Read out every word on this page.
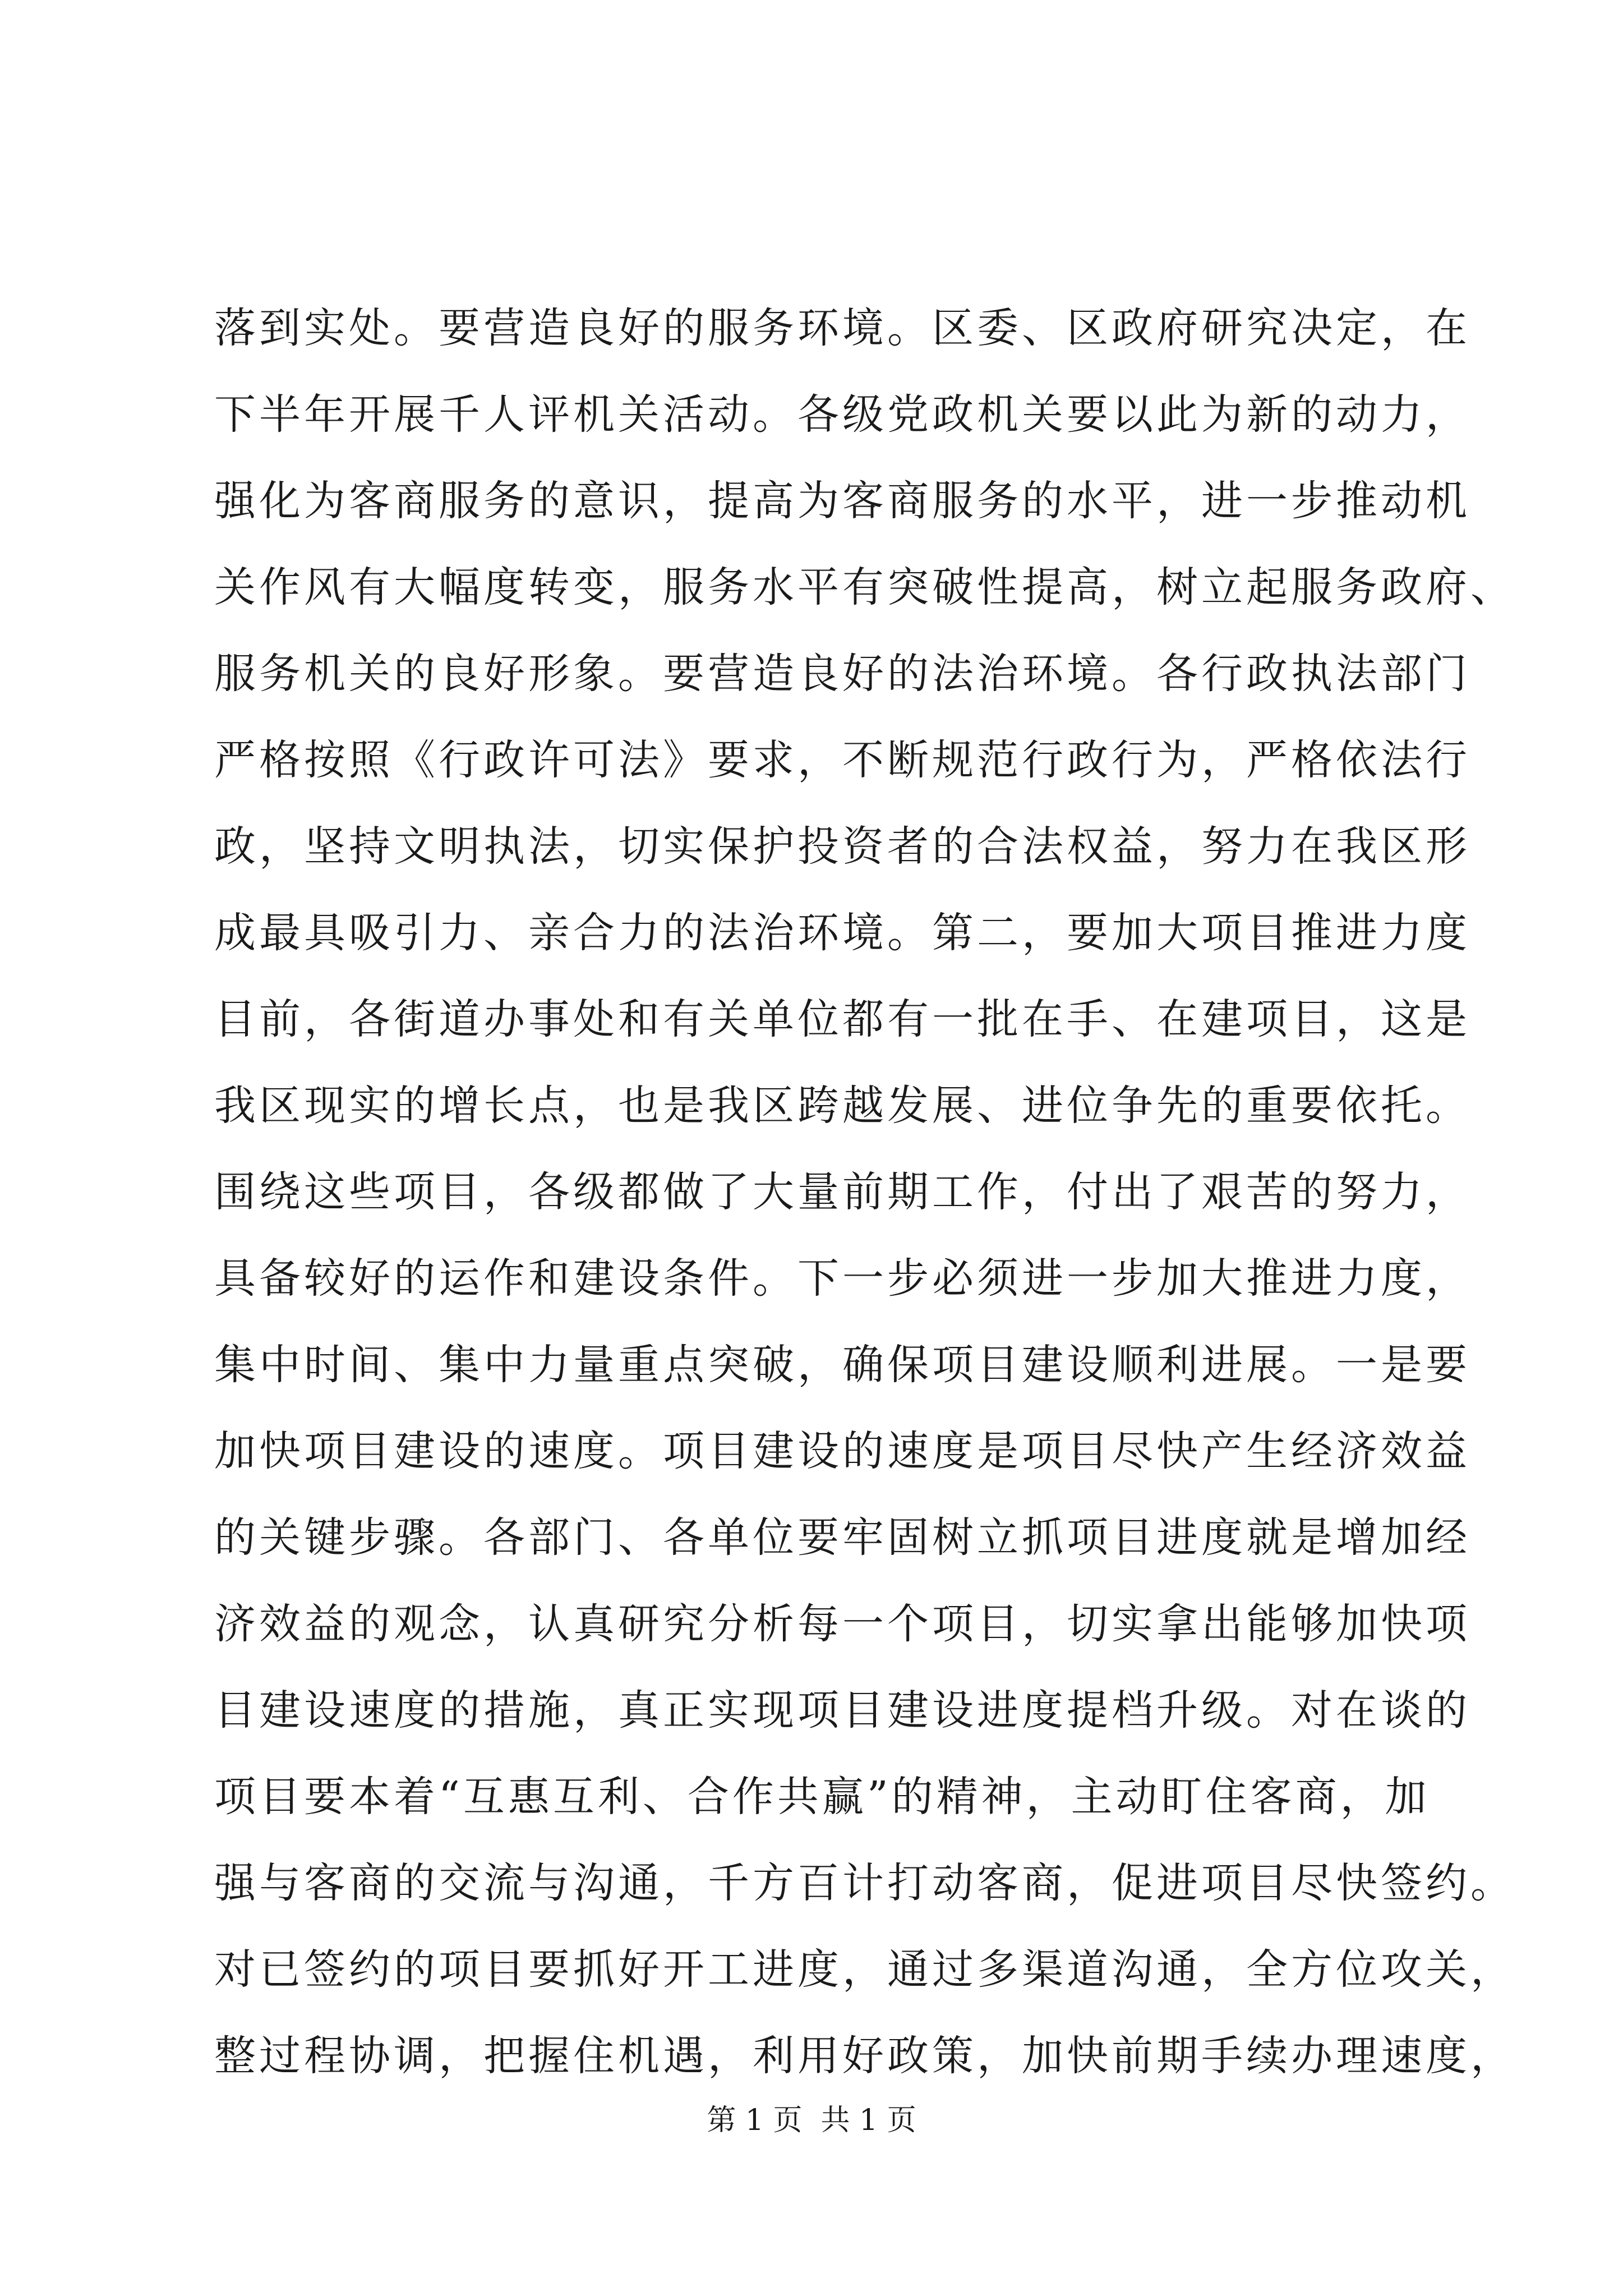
落到实处。要营造良好的服务环境。区委、区政府研究决定，在
下半年开展千人评机关活动。各级党政机关要以此为新的动力，
强化为客商服务的意识，提高为客商服务的水平，进一步推动机
关作风有大幅度转变，服务水平有突破性提高，树立起服务政府、
服务机关的良好形象。要营造良好的法治环境。各行政执法部门
严格按照《行政许可法》要求，不断规范行政行为，严格依法行
政，坚持文明执法，切实保护投资者的合法权益，努力在我区形
成最具吸引力、亲合力的法治环境。第二，要加大项目推进力度
目前，各街道办事处和有关单位都有一批在手、在建项目，这是
我区现实的增长点，也是我区跨越发展、进位争先的重要依托。
围绕这些项目，各级都做了大量前期工作，付出了艰苦的努力，
具备较好的运作和建设条件。下一步必须进一步加大推进力度，
集中时间、集中力量重点突破，确保项目建设顺利进展。一是要
加快项目建设的速度。项目建设的速度是项目尽快产生经济效益
的关键步骤。各部门、各单位要牢固树立抓项目进度就是增加经
济效益的观念，认真研究分析每一个项目，切实拿出能够加快项
目建设速度的措施，真正实现项目建设进度提档升级。对在谈的
项目要本着“互惠互利、合作共赢”的精神，主动盯住客商，加
强与客商的交流与沟通，千方百计打动客商，促进项目尽快签约。
对已签约的项目要抓好开工进度，通过多渠道沟通，全方位攻关，
整过程协调，把握住机遇，利用好政策，加快前期手续办理速度，
第 1 页  共 1 页
